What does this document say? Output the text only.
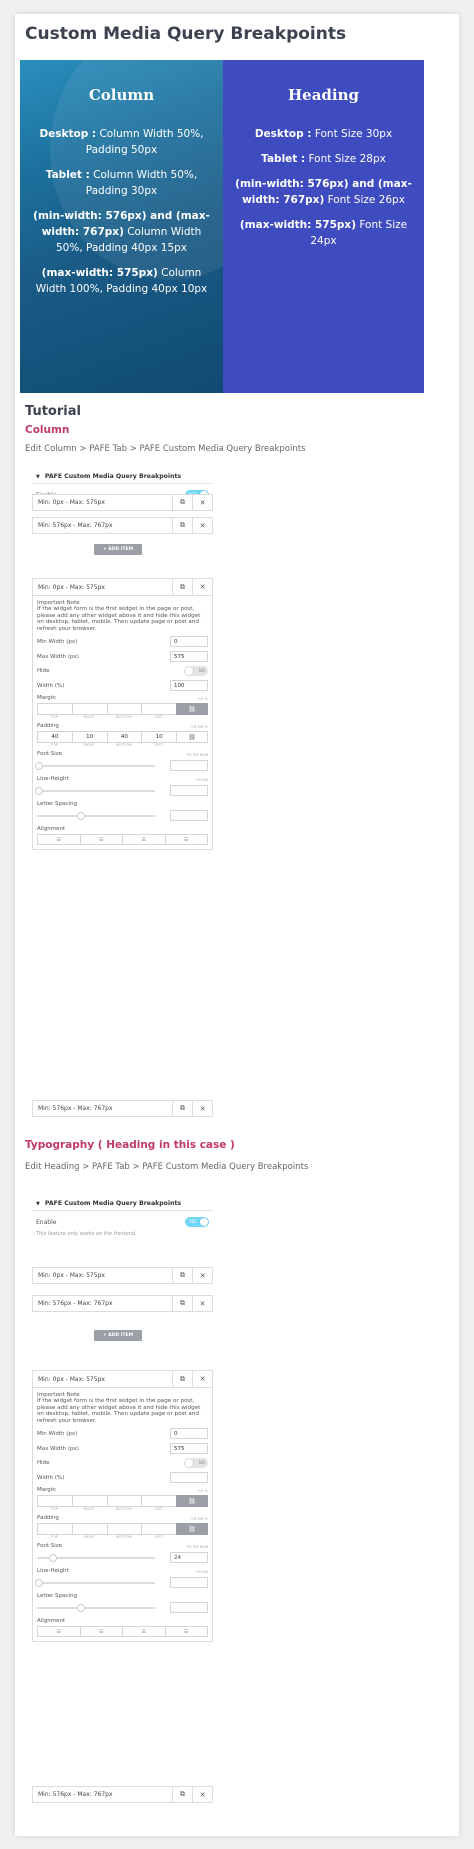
Custom Media Query Breakpoints
Column
Desktop : Column Width 50%, Padding 50px
Tablet : Column Width 50%, Padding 30px
(min-width: 576px) and (max-width: 767px) Column Width 50%, Padding 40px 15px
(max-width: 575px) Column Width 100%, Padding 40px 10px
Heading
Desktop : Font Size 30px
Tablet : Font Size 28px
(min-width: 576px) and (max-width: 767px) Font Size 26px
(max-width: 575px) Font Size 24px
Tutorial
Column
Edit Column > PAFE Tab > PAFE Custom Media Query Breakpoints
▼ PAFE Custom Media Query Breakpoints
Min: 0px - Max: 575px	⧉	✕
Min: 576px - Max: 767px	⧉	✕
+ ADD ITEM
Min: 0px - Max: 575px	⧉	✕
Important Note
If the widget form is the first widget in the page or post, please add any other widget above it and hide this widget on desktop, tablet, mobile. Then update page or post and refresh your browser.
Min Width (px)	0
Max Width (px)	575
Hide	NO
Width (%)	100
Margin	PX %
⛓
TOP	RIGHT	BOTTOM	LEFT
Padding	PX EM %
40	10	40	10	⛓
TOP	RIGHT	BOTTOM	LEFT
Font Size	PX EM REM
Line-Height	PX EM
Letter Spacing
Alignment
☰	☰	☰	☰
Min: 576px - Max: 767px	⧉	✕
Typography ( Heading in this case )
Edit Heading > PAFE Tab > PAFE Custom Media Query Breakpoints
▼ PAFE Custom Media Query Breakpoints
Enable	YES
This feature only works on the frontend.
Min: 0px - Max: 575px	⧉	✕
Min: 576px - Max: 767px	⧉	✕
+ ADD ITEM
Min: 0px - Max: 575px	⧉	✕
Important Note
If the widget form is the first widget in the page or post, please add any other widget above it and hide this widget on desktop, tablet, mobile. Then update page or post and refresh your browser.
Min Width (px)	0
Max Width (px)	575
Hide	NO
Width (%)
Margin	PX %
⛓
TOP	RIGHT	BOTTOM	LEFT
Padding	PX EM %
⛓
TOP	RIGHT	BOTTOM	LEFT
Font Size	PX EM REM
24
Line-Height	PX EM
Letter Spacing
Alignment
☰	☰	☰	☰
Min: 576px - Max: 767px	⧉	✕
